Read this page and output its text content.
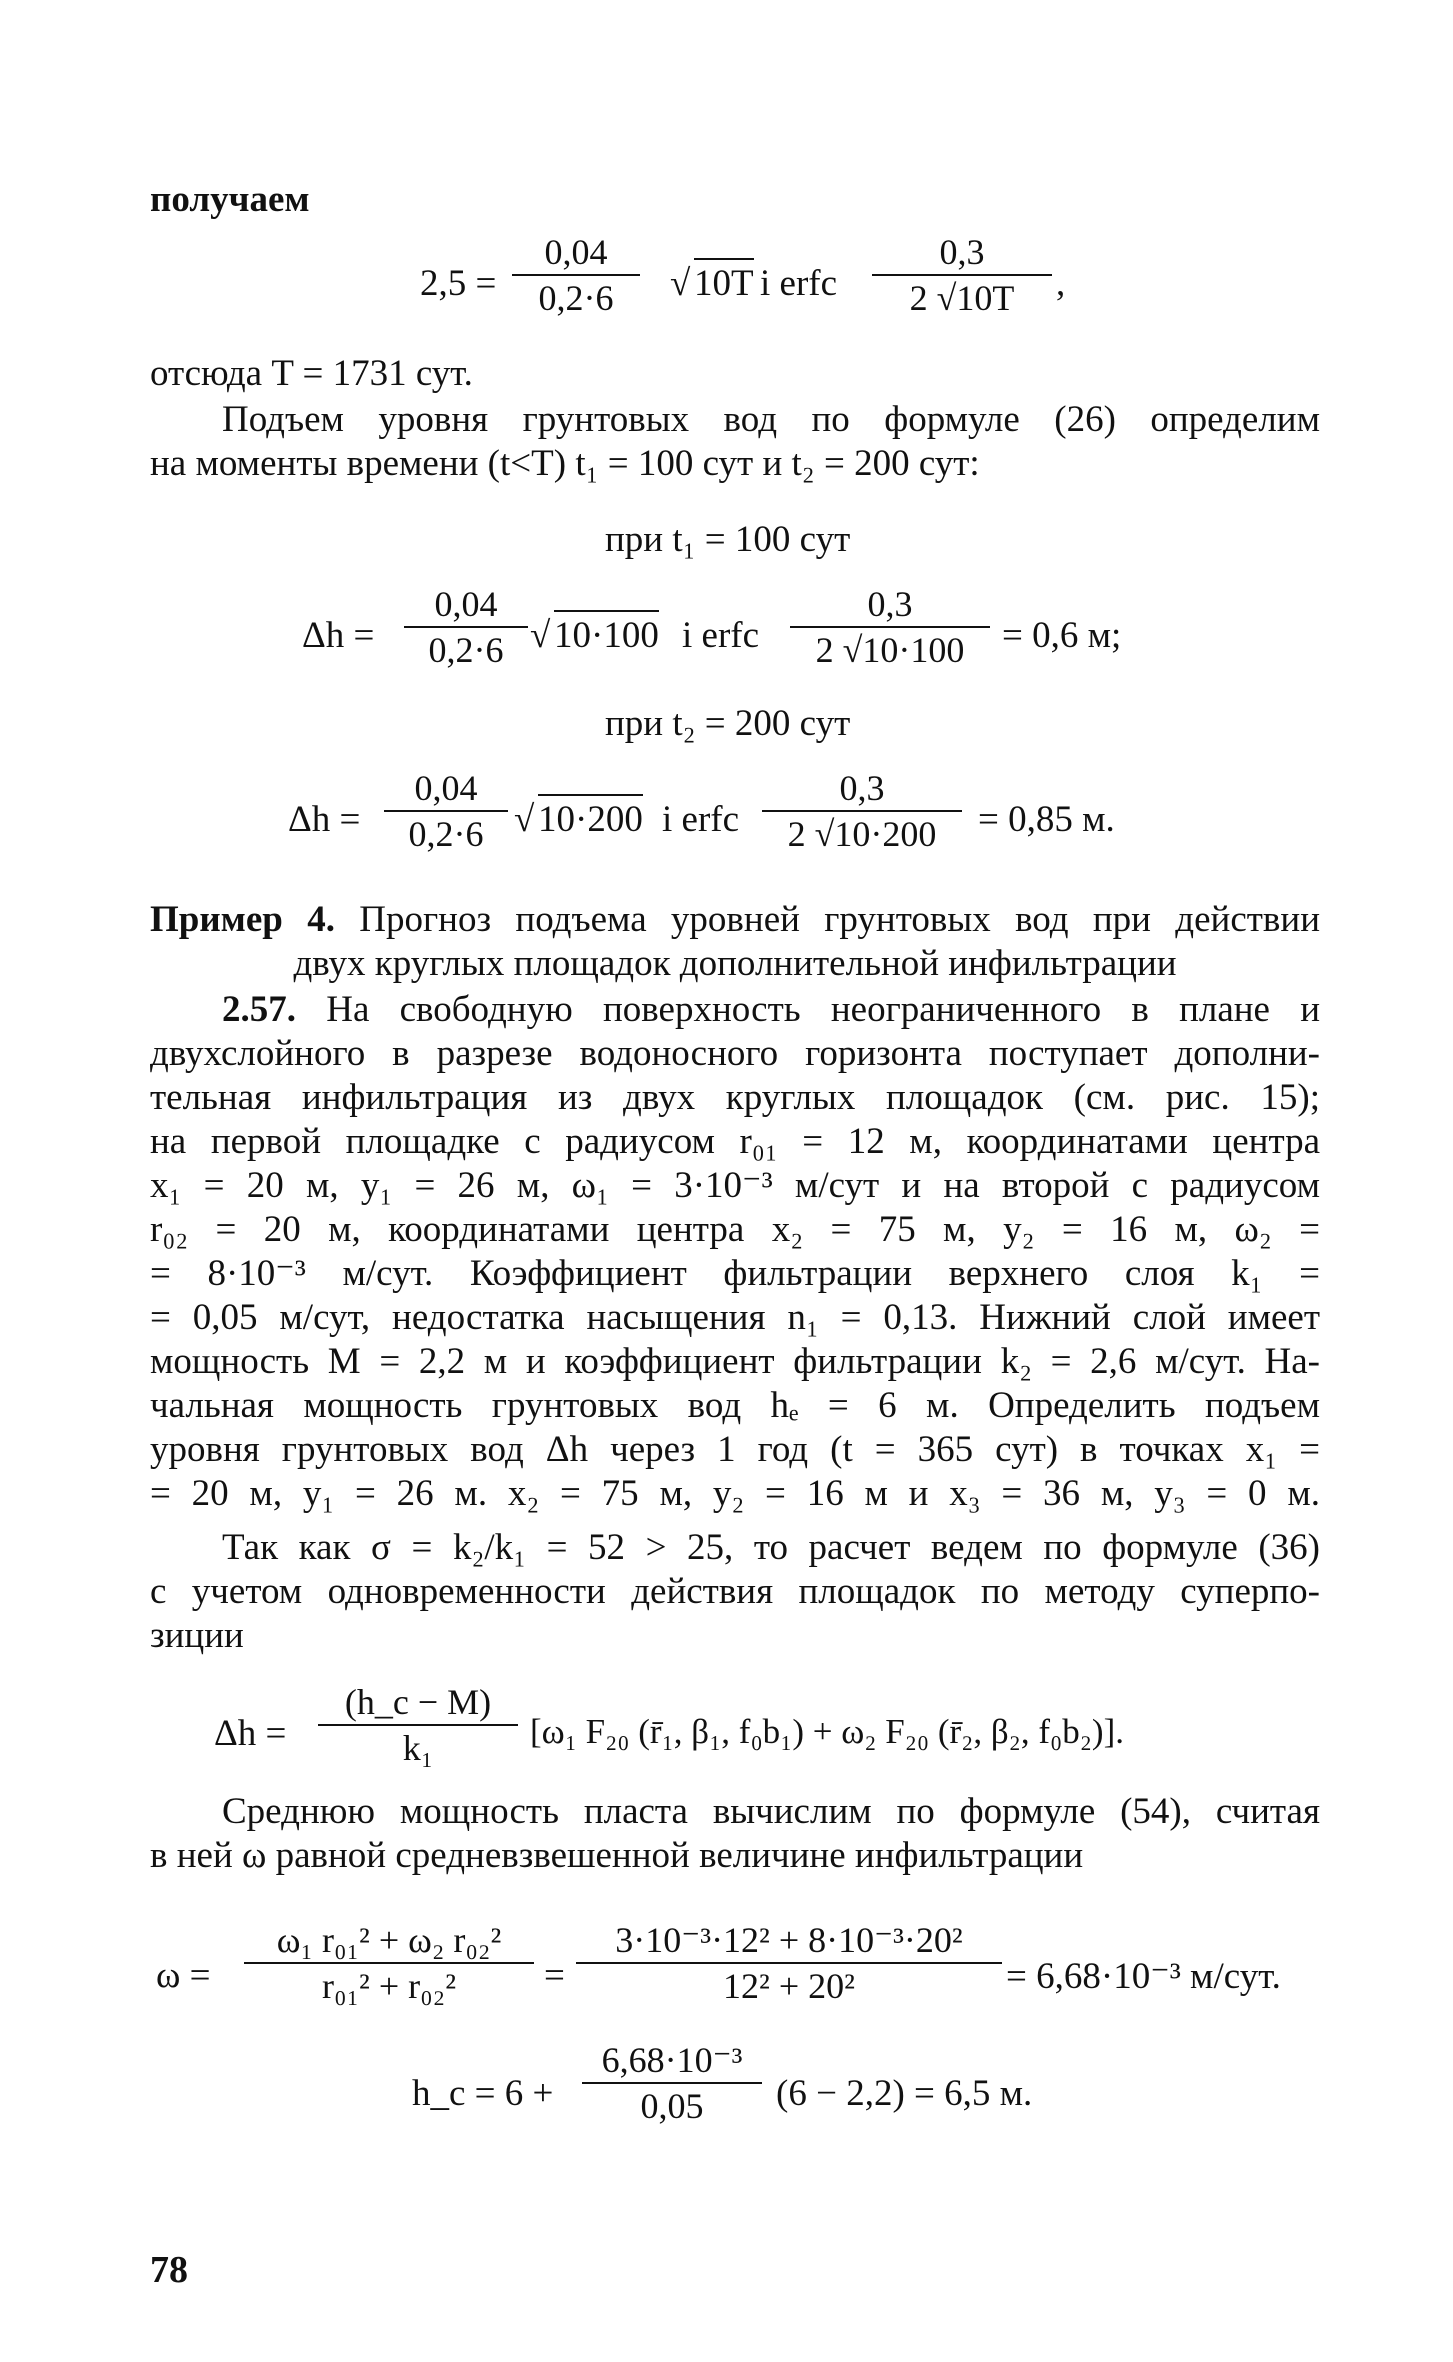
получаем
2,5 =
0,04
0,2·6	√ 10T i erfc
0,3
2 √10T	,
отсюда T = 1731 сут.
Подъем уровня грунтовых вод по формуле (26) определим
на моменты времени (t<T) t₁ = 100 сут и t₂ = 200 сут:
при t₁ = 100 сут
Δh =
0,04
0,2·6 √ 10·100 i erfc
0,3
2 √10·100	= 0,6 м;
при t₂ = 200 сут
Δh =
0,04
0,2·6 √ 10·200 i erfc
0,3
2 √10·200	= 0,85 м.
Пример 4. Прогноз подъема уровней грунтовых вод при действии
двух круглых площадок дополнительной инфильтрации
2.57. На свободную поверхность неограниченного в плане и
двухслойного в разрезе водоносного горизонта поступает дополни-
тельная инфильтрация из двух круглых площадок (см. рис. 15);
на первой площадке с радиусом r₀₁ = 12 м, координатами центра
x₁ = 20 м, y₁ = 26 м, ω₁ = 3·10⁻³ м/сут и на второй с радиусом
r₀₂ = 20 м, координатами центра x₂ = 75 м, y₂ = 16 м, ω₂ =
= 8·10⁻³ м/сут. Коэффициент фильтрации верхнего слоя k₁ =
= 0,05 м/сут, недостатка насыщения n₁ = 0,13. Нижний слой имеет
мощность M = 2,2 м и коэффициент фильтрации k₂ = 2,6 м/сут. На-
чальная мощность грунтовых вод hₑ = 6 м. Определить подъем
уровня грунтовых вод Δh через 1 год (t = 365 сут) в точках x₁ =
= 20 м, y₁ = 26 м. x₂ = 75 м, y₂ = 16 м и x₃ = 36 м, y₃ = 0 м.
Так как σ = k₂/k₁ = 52 > 25, то расчет ведем по формуле (36)
с учетом одновременности действия площадок по методу суперпо-
зиции
Δh =
(h_c − M)
k₁	[ω₁ F₂₀ (r̄₁, β₁, f₀b₁) + ω₂ F₂₀ (r̄₂, β₂, f₀b₂)].
Среднюю мощность пласта вычислим по формуле (54), считая
в ней ω равной средневзвешенной величине инфильтрации
ω =
ω₁ r₀₁² + ω₂ r₀₂²
r₀₁² + r₀₂²	=
3·10⁻³·12² + 8·10⁻³·20²
12² + 20²	= 6,68·10⁻³ м/сут.
h_c = 6 +
6,68·10⁻³
0,05	(6 − 2,2) = 6,5 м.
78
